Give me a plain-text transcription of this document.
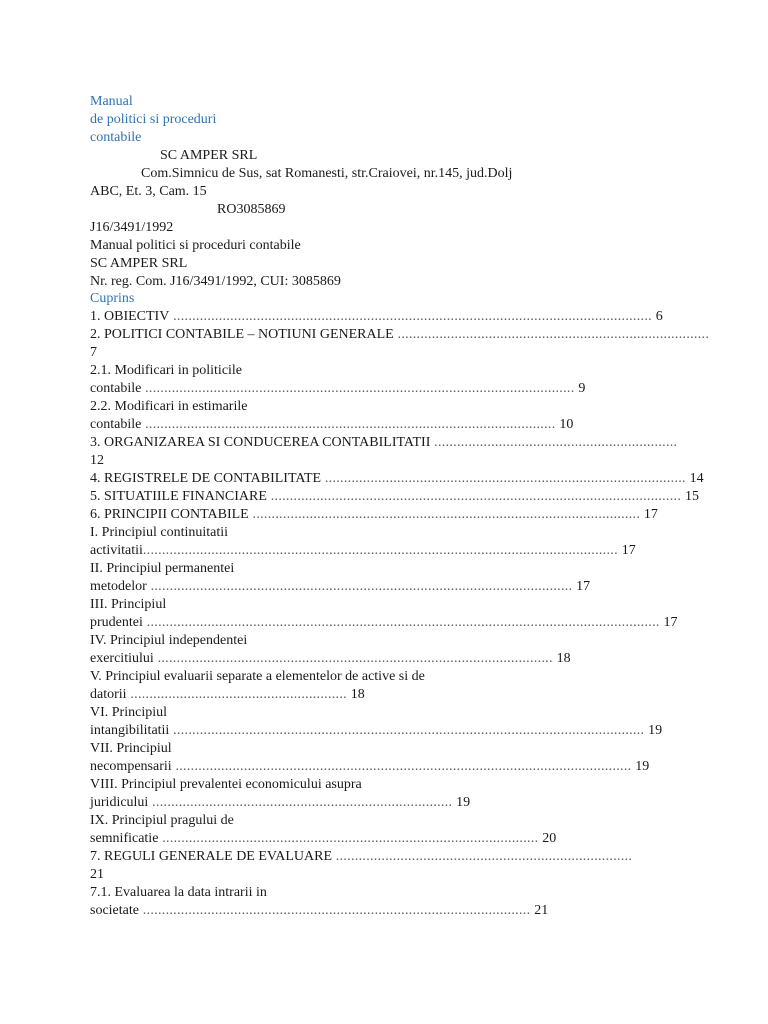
Manual
de politici si proceduri
contabile
SC AMPER SRL
Com.Simnicu de Sus, sat Romanesti, str.Craiovei, nr.145, jud.Dolj
ABC, Et. 3, Cam. 15
RO3085869
J16/3491/1992
Manual politici si proceduri contabile
SC AMPER SRL
Nr. reg. Com. J16/3491/1992, CUI: 3085869
Cuprins
1. OBIECTIV .............................................................................................................................. 6
2. POLITICI CONTABILE – NOTIUNI GENERALE ..................................................................................
7
2.1. Modificari in politicile
contabile ................................................................................................................. 9
2.2. Modificari in estimarile
contabile ............................................................................................................ 10
3. ORGANIZAREA SI CONDUCEREA CONTABILITATII ................................................................
12
4. REGISTRELE DE CONTABILITATE ............................................................................................... 14
5. SITUATIILE FINANCIARE ............................................................................................................ 15
6. PRINCIPII CONTABILE ...................................................................................................... 17
I. Principiul continuitatii
activitatii............................................................................................................................. 17
II. Principiul permanentei
metodelor ............................................................................................................... 17
III. Principiul
prudentei ....................................................................................................................................... 17
IV. Principiul independentei
exercitiului ........................................................................................................ 18
V. Principiul evaluarii separate a elementelor de active si de
datorii ......................................................... 18
VI. Principiul
intangibilitatii ............................................................................................................................ 19
VII. Principiul
necompensarii ........................................................................................................................ 19
VIII. Principiul prevalentei economicului asupra
juridicului ............................................................................... 19
IX. Principiul pragului de
semnificatie ................................................................................................... 20
7. REGULI GENERALE DE EVALUARE ..............................................................................
21
7.1. Evaluarea la data intrarii in
societate ...................................................................................................... 21
